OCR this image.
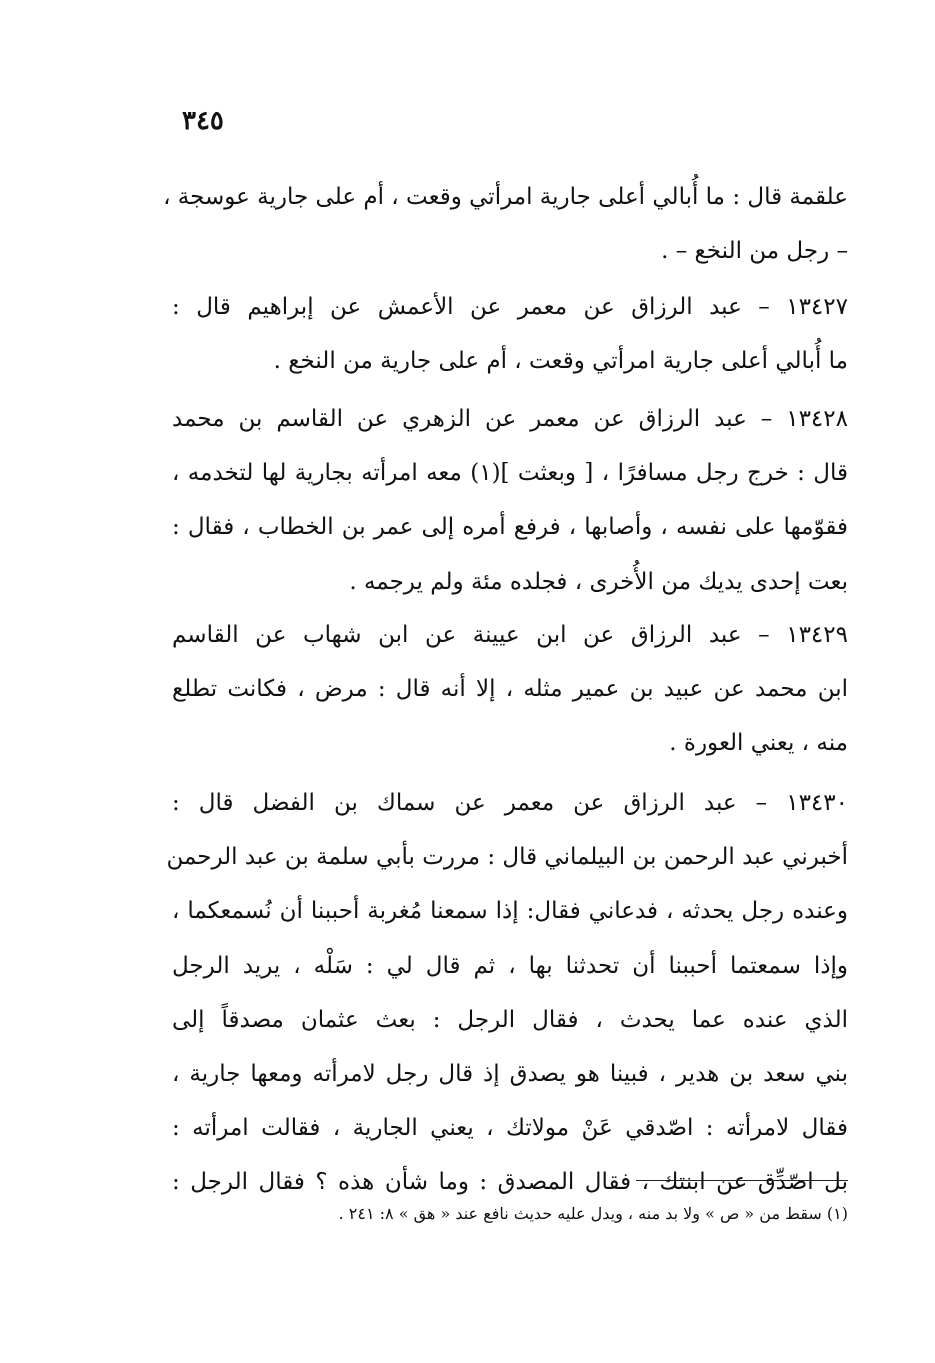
٣٤٥
علقمة قال : ما أُبالي أعلى جارية امرأتي وقعت ، أم على جارية عوسجة ،
– رجل من النخع – .
١٣٤٢٧ – عبد الرزاق عن معمر عن الأعمش عن إبراهيم قال :
ما أُبالي أعلى جارية امرأتي وقعت ، أم على جارية من النخع .
١٣٤٢٨ – عبد الرزاق عن معمر عن الزهري عن القاسم بن محمد
قال : خرج رجل مسافرًا ، [ وبعثت ](١) معه امرأته بجارية لها لتخدمه ،
فقوّمها على نفسه ، وأصابها ، فرفع أمره إلى عمر بن الخطاب ، فقال :
بعت إحدى يديك من الأُخرى ، فجلده مئة ولم يرجمه .
١٣٤٢٩ – عبد الرزاق عن ابن عيينة عن ابن شهاب عن القاسم
ابن محمد عن عبيد بن عمير مثله ، إلا أنه قال : مرض ، فكانت تطلع
منه ، يعني العورة .
١٣٤٣٠ – عبد الرزاق عن معمر عن سماك بن الفضل قال :
أخبرني عبد الرحمن بن البيلماني قال : مررت بأبي سلمة بن عبد الرحمن
وعنده رجل يحدثه ، فدعاني فقال: إذا سمعنا مُغربة أحببنا أن نُسمعكما ،
وإذا سمعتما أحببنا أن تحدثنا بها ، ثم قال لي : سَلْه ، يريد الرجل
الذي عنده عما يحدث ، فقال الرجل : بعث عثمان مصدقاً إلى
بني سعد بن هدير ، فبينا هو يصدق إذ قال رجل لامرأته ومعها جارية ،
فقال لامرأته : اصّدقي عَنْ مولاتك ، يعني الجارية ، فقالت امرأته :
بل اصّدِّق عن ابنتك ، فقال المصدق : وما شأن هذه ؟ فقال الرجل :
(١) سقط من « ص » ولا بد منه ، ويدل عليه حديث نافع عند « هق » ٨: ٢٤١ .
